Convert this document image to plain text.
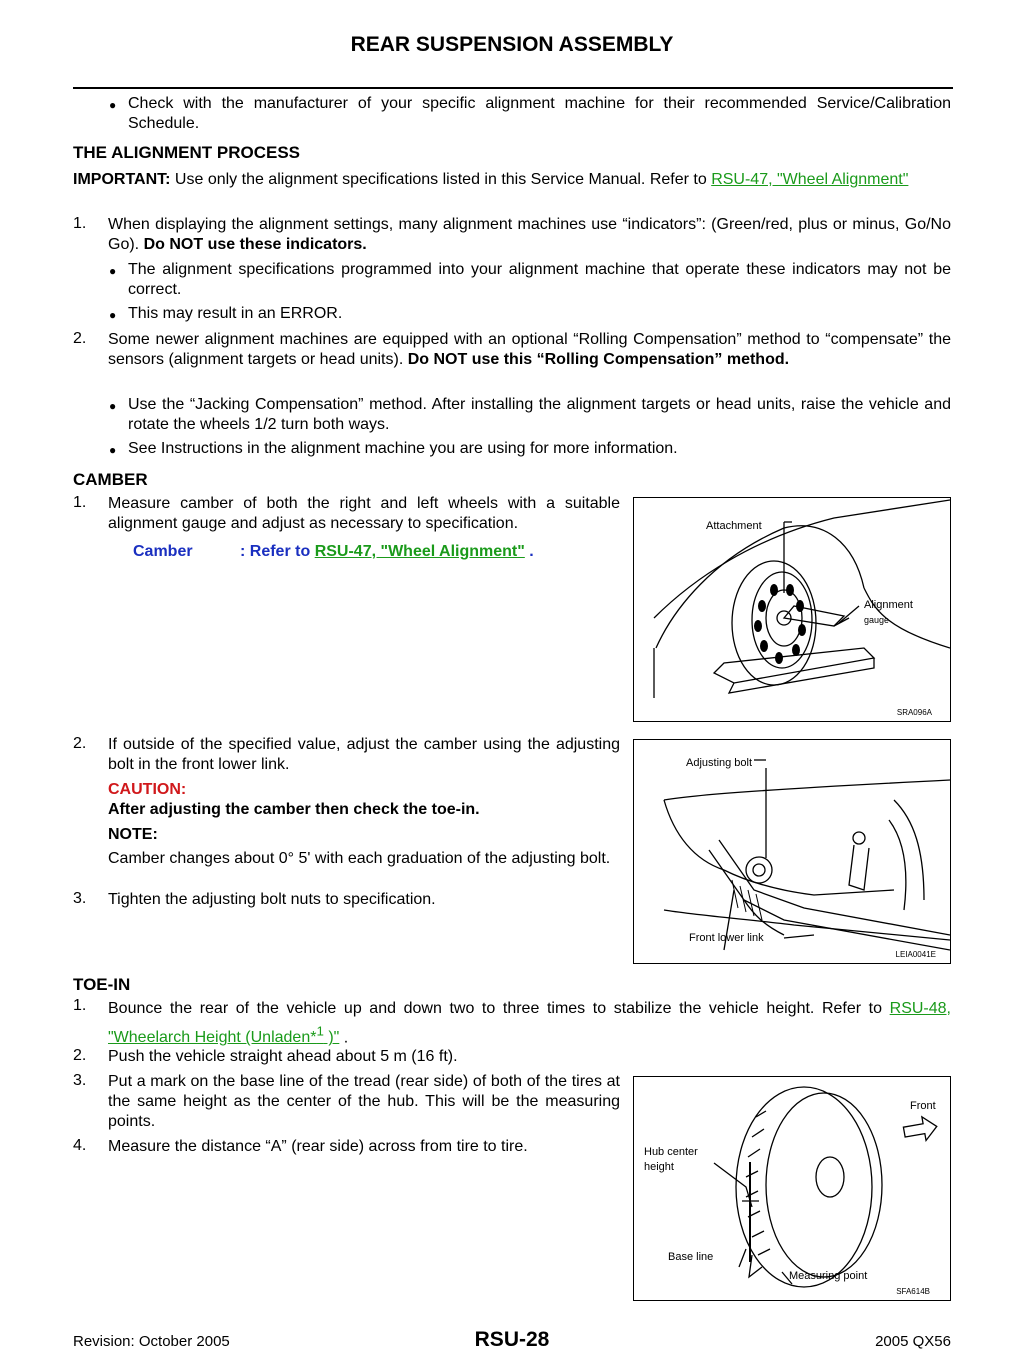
REAR SUSPENSION ASSEMBLY

● Check with the manufacturer of your specific alignment machine for their recommended Service/Calibration Schedule.

THE ALIGNMENT PROCESS

IMPORTANT: Use only the alignment specifications listed in this Service Manual. Refer to RSU-47, "Wheel Alignment"

1. When displaying the alignment settings, many alignment machines use “indicators”: (Green/red, plus or minus, Go/No Go). Do NOT use these indicators.

● The alignment specifications programmed into your alignment machine that operate these indicators may not be correct.

● This may result in an ERROR.

2. Some newer alignment machines are equipped with an optional “Rolling Compensation” method to “compensate” the sensors (alignment targets or head units). Do NOT use this “Rolling Compensation” method.

● Use the “Jacking Compensation” method. After installing the alignment targets or head units, raise the vehicle and rotate the wheels 1/2 turn both ways.

● See Instructions in the alignment machine you are using for more information.

CAMBER
1. Measure camber of both the right and left wheels with a suitable alignment gauge and adjust as necessary to specification.

Camber	: Refer to RSU-47, "Wheel Alignment" .

2. If outside of the specified value, adjust the camber using the adjusting bolt in the front lower link.

CAUTION:

After adjusting the camber then check the toe-in.

NOTE:

Camber changes about 0° 5' with each graduation of the adjusting bolt.

3. Tighten the adjusting bolt nuts to specification.

Attachment
Alignment
gauge
SRA096A
Adjusting bolt
Front lower link
LEIA0041E
TOE-IN
1. Bounce the rear of the vehicle up and down two to three times to stabilize the vehicle height. Refer to RSU-48, "Wheelarch Height (Unladen*$^1$ )" .

2. Push the vehicle straight ahead about 5 m (16 ft).

3. Put a mark on the base line of the tread (rear side) of both of the tires at the same height as the center of the hub. This will be the measuring points.

4. Measure the distance “A” (rear side) across from tire to tire.

Front
Hub center
height
Base line
Measuring point
SFA614B
Revision: October 2005	RSU-28	2005 QX56
